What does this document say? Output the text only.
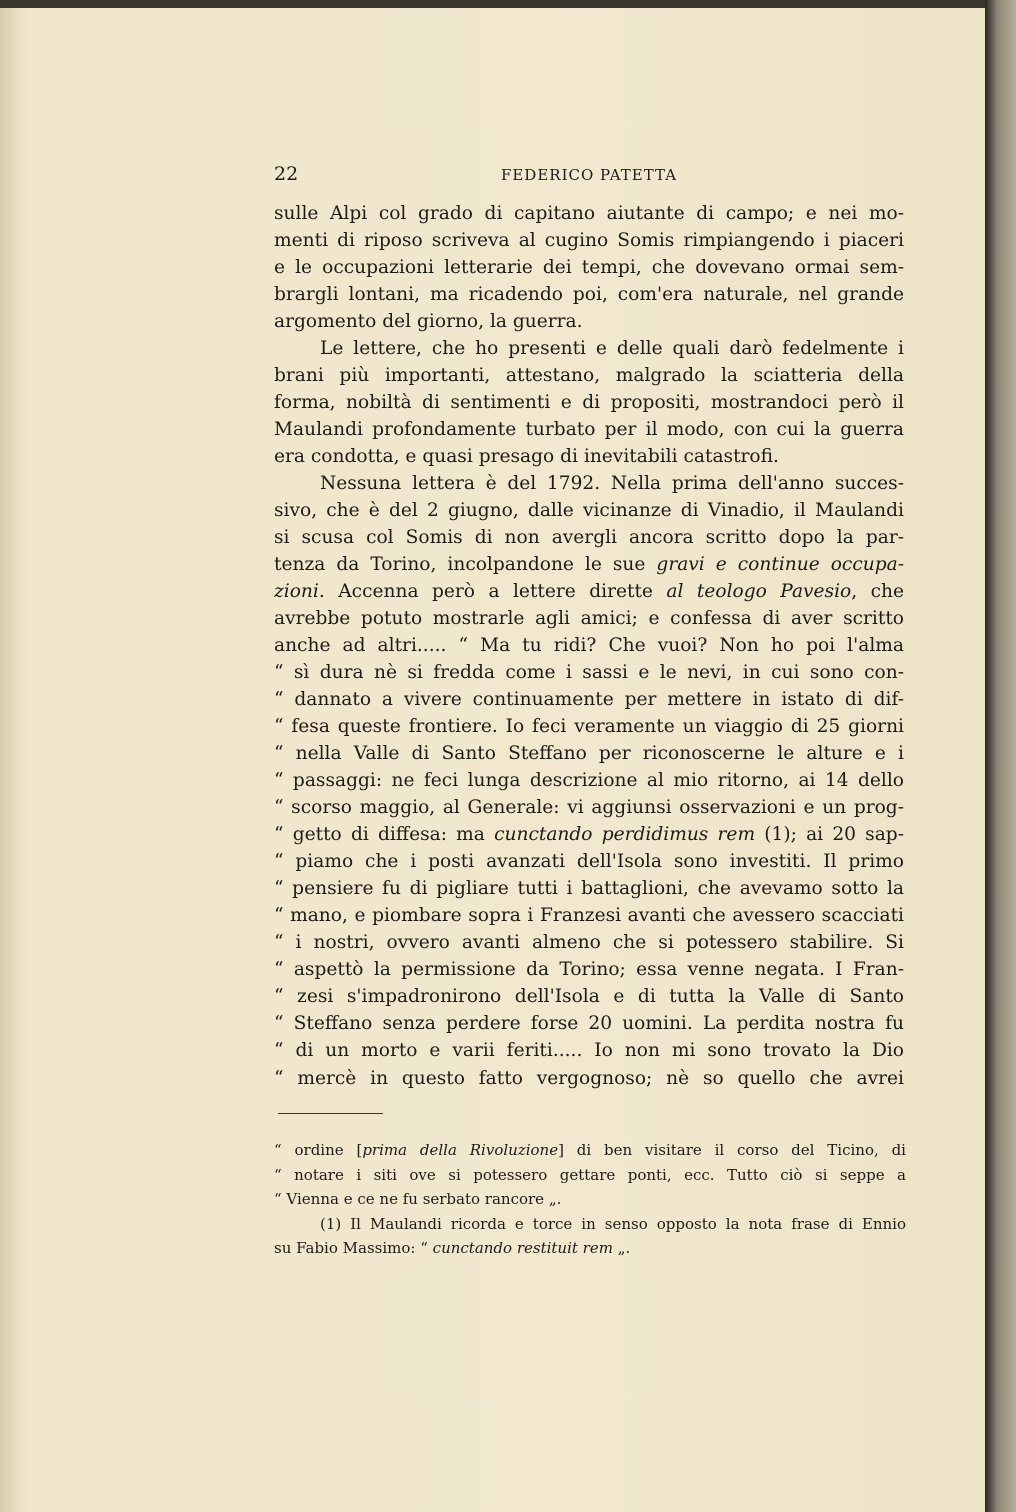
22	FEDERICO PATETTA
sulle Alpi col grado di capitano aiutante di campo; e nei mo-
menti di riposo scriveva al cugino Somis rimpiangendo i piaceri
e le occupazioni letterarie dei tempi, che dovevano ormai sem-
brargli lontani, ma ricadendo poi, com'era naturale, nel grande
argomento del giorno, la guerra.
Le lettere, che ho presenti e delle quali darò fedelmente i
brani più importanti, attestano, malgrado la sciatteria della
forma, nobiltà di sentimenti e di propositi, mostrandoci però il
Maulandi profondamente turbato per il modo, con cui la guerra
era condotta, e quasi presago di inevitabili catastrofi.
Nessuna lettera è del 1792. Nella prima dell'anno succes-
sivo, che è del 2 giugno, dalle vicinanze di Vinadio, il Maulandi
si scusa col Somis di non avergli ancora scritto dopo la par-
tenza da Torino, incolpandone le sue gravi e continue occupa-
zioni. Accenna però a lettere dirette al teologo Pavesio, che
avrebbe potuto mostrarle agli amici; e confessa di aver scritto
anche ad altri..... “ Ma tu ridi? Che vuoi? Non ho poi l'alma
“ sì dura nè si fredda come i sassi e le nevi, in cui sono con-
“ dannato a vivere continuamente per mettere in istato di dif-
“ fesa queste frontiere. Io feci veramente un viaggio di 25 giorni
“ nella Valle di Santo Steffano per riconoscerne le alture e i
“ passaggi: ne feci lunga descrizione al mio ritorno, ai 14 dello
“ scorso maggio, al Generale: vi aggiunsi osservazioni e un prog-
“ getto di diffesa: ma cunctando perdidimus rem (1); ai 20 sap-
“ piamo che i posti avanzati dell'Isola sono investiti. Il primo
“ pensiere fu di pigliare tutti i battaglioni, che avevamo sotto la
“ mano, e piombare sopra i Franzesi avanti che avessero scacciati
“ i nostri, ovvero avanti almeno che si potessero stabilire. Si
“ aspettò la permissione da Torino; essa venne negata. I Fran-
“ zesi s'impadronirono dell'Isola e di tutta la Valle di Santo
“ Steffano senza perdere forse 20 uomini. La perdita nostra fu
“ di un morto e varii feriti..... Io non mi sono trovato la Dio
“ mercè in questo fatto vergognoso; nè so quello che avrei
“ ordine [prima della Rivoluzione] di ben visitare il corso del Ticino, di
“ notare i siti ove si potessero gettare ponti, ecc. Tutto ciò si seppe a
“ Vienna e ce ne fu serbato rancore „.
(1) Il Maulandi ricorda e torce in senso opposto la nota frase di Ennio
su Fabio Massimo: “ cunctando restituit rem „.
